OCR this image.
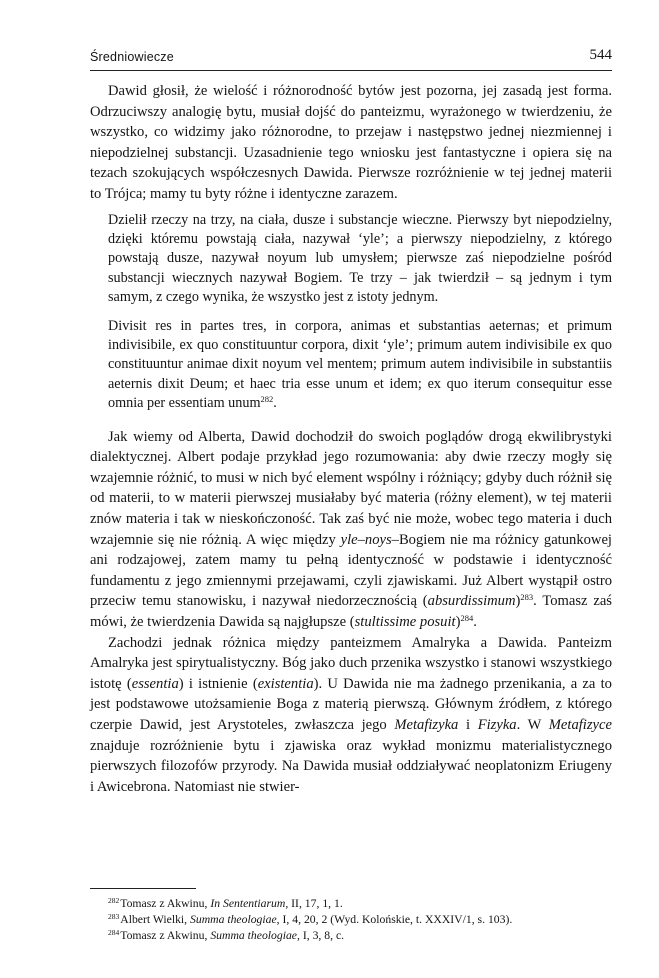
Średniowiecze	544

Dawid głosił, że wielość i różnorodność bytów jest pozorna, jej zasadą jest forma. Odrzuciwszy analogię bytu, musiał dojść do panteizmu, wyrażonego w twierdzeniu, że wszystko, co widzimy jako różnorodne, to przejaw i następstwo jednej niezmiennej i niepodzielnej substancji. Uzasadnienie tego wniosku jest fantastyczne i opiera się na tezach szokujących współczesnych Dawida. Pierwsze rozróżnienie w tej jednej materii to Trójca; mamy tu byty różne i identyczne zarazem.

Dzielił rzeczy na trzy, na ciała, dusze i substancje wieczne. Pierwszy byt niepodzielny, dzięki któremu powstają ciała, nazywał ‘yle’; a pierwszy niepodzielny, z którego powstają dusze, nazywał noyum lub umysłem; pierwsze zaś niepodzielne pośród substancji wiecznych nazywał Bogiem. Te trzy – jak twierdził – są jednym i tym samym, z czego wynika, że wszystko jest z istoty jednym.

Divisit res in partes tres, in corpora, animas et substantias aeternas; et primum indivisibile, ex quo constituuntur corpora, dixit ‘yle’; primum autem indivisibile ex quo constituuntur animae dixit noyum vel mentem; primum autem indivisibile in substantiis aeternis dixit Deum; et haec tria esse unum et idem; ex quo iterum consequitur esse omnia per essentiam unum$^{282}$.

Jak wiemy od Alberta, Dawid dochodził do swoich poglądów drogą ekwilibrystyki dialektycznej. Albert podaje przykład jego rozumowania: aby dwie rzeczy mogły się wzajemnie różnić, to musi w nich być element wspólny i różniący; gdyby duch różnił się od materii, to w materii pierwszej musiałaby być materia (różny element), w tej materii znów materia i tak w nieskończoność. Tak zaś być nie może, wobec tego materia i duch wzajemnie się nie różnią. A więc między yle–noys–Bogiem nie ma różnicy gatunkowej ani rodzajowej, zatem mamy tu pełną identyczność w podstawie i identyczność fundamentu z jego zmiennymi przejawami, czyli zjawiskami. Już Albert wystąpił ostro przeciw temu stanowisku, i nazywał niedorzecznością (absurdissimum)$^{283}$. Tomasz zaś mówi, że twierdzenia Dawida są najgłupsze (stultissime posuit)$^{284}$.

Zachodzi jednak różnica między panteizmem Amalryka a Dawida. Panteizm Amalryka jest spirytualistyczny. Bóg jako duch przenika wszystko i stanowi wszystkiego istotę (essentia) i istnienie (existentia). U Dawida nie ma żadnego przenikania, a za to jest podstawowe utożsamienie Boga z materią pierwszą. Głównym źródłem, z którego czerpie Dawid, jest Arystoteles, zwłaszcza jego Metafizyka i Fizyka. W Metafizyce znajduje rozróżnienie bytu i zjawiska oraz wykład monizmu materialistycznego pierwszych filozofów przyrody. Na Dawida musiał oddziaływać neoplatonizm Eriugeny i Awicebrona. Natomiast nie stwier-

$^{282}$Tomasz z Akwinu, In Sententiarum, II, 17, 1, 1.

$^{283}$Albert Wielki, Summa theologiae, I, 4, 20, 2 (Wyd. Kolońskie, t. XXXIV/1, s. 103).

$^{284}$Tomasz z Akwinu, Summa theologiae, I, 3, 8, c.
